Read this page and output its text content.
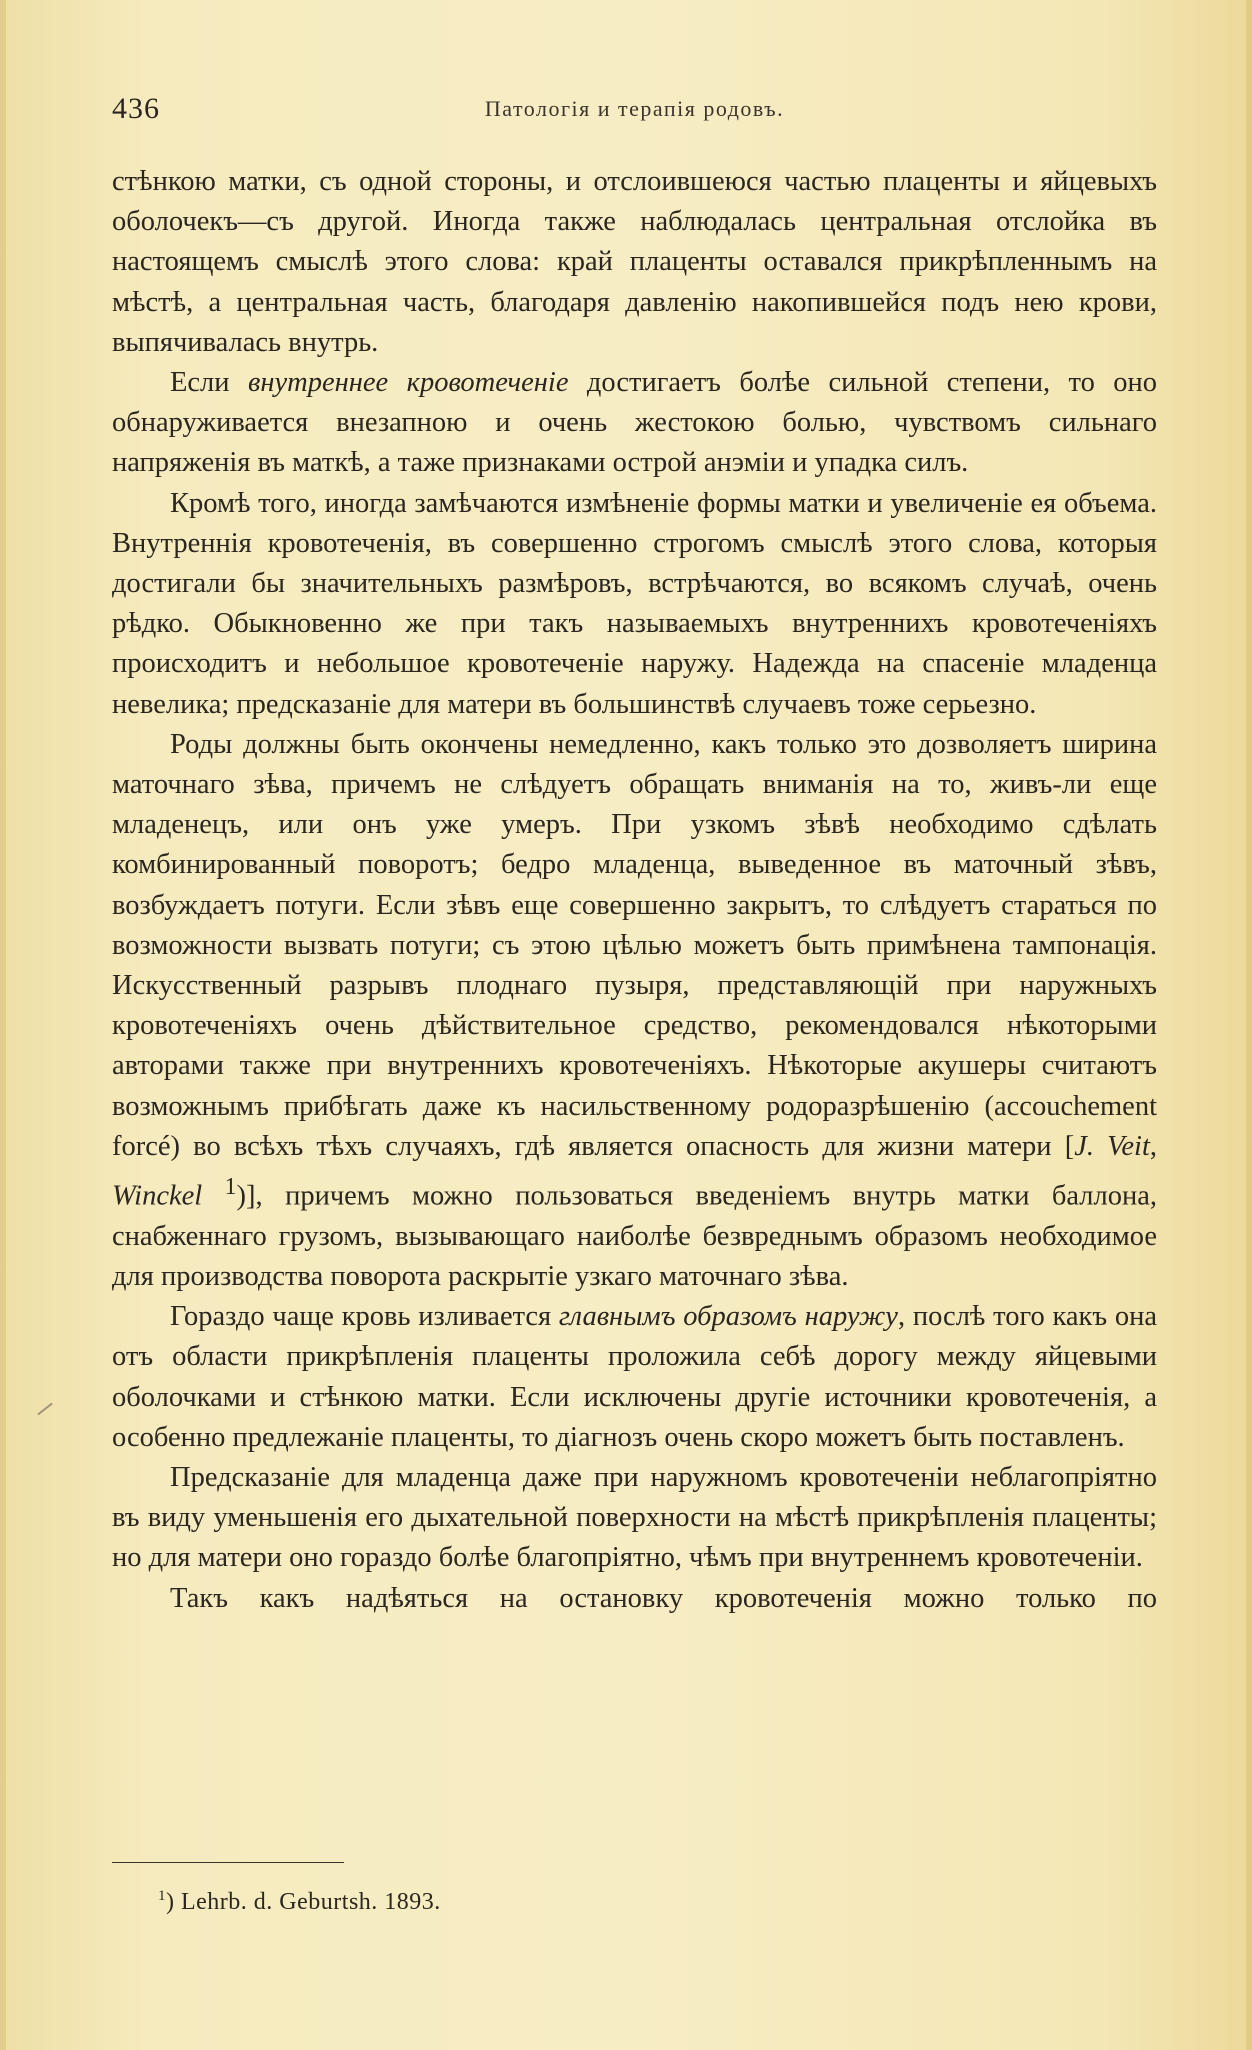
436	Патологія и терапія родовъ.

стѣнкою матки, съ одной стороны, и отслоившеюся частью плаценты и яйцевыхъ оболочекъ—съ другой. Иногда также наблюдалась центральная отслойка въ настоящемъ смыслѣ этого слова: край плаценты оставался прикрѣпленнымъ на мѣстѣ, а центральная часть, благодаря давленію накопившейся подъ нею крови, выпячивалась внутрь.

Если внутреннее кровотеченіе достигаетъ болѣе сильной степени, то оно обнаруживается внезапною и очень жестокою болью, чувствомъ сильнаго напряженія въ маткѣ, а таже признаками острой анэміи и упадка силъ.

Кромѣ того, иногда замѣчаются измѣненіе формы матки и увеличеніе ея объема. Внутреннія кровотеченія, въ совершенно строгомъ смыслѣ этого слова, которыя достигали бы значительныхъ размѣровъ, встрѣчаются, во всякомъ случаѣ, очень рѣдко. Обыкновенно же при такъ называемыхъ внутреннихъ кровотеченіяхъ происходитъ и небольшое кровотеченіе наружу. Надежда на спасеніе младенца невелика; предсказаніе для матери въ большинствѣ случаевъ тоже серьезно.

Роды должны быть окончены немедленно, какъ только это дозволяетъ ширина маточнаго зѣва, причемъ не слѣдуетъ обращать вниманія на то, живъ-ли еще младенецъ, или онъ уже умеръ. При узкомъ зѣвѣ необходимо сдѣлать комбинированный поворотъ; бедро младенца, выведенное въ маточный зѣвъ, возбуждаетъ потуги. Если зѣвъ еще совершенно закрытъ, то слѣдуетъ стараться по возможности вызвать потуги; съ этою цѣлью можетъ быть примѣнена тампонація. Искусственный разрывъ плоднаго пузыря, представляющій при наружныхъ кровотеченіяхъ очень дѣйствительное средство, рекомендовался нѣкоторыми авторами также при внутреннихъ кровотеченіяхъ. Нѣкоторые акушеры считаютъ возможнымъ прибѣгать даже къ насильственному родоразрѣшенію (accouchement forcé) во всѣхъ тѣхъ случаяхъ, гдѣ является опасность для жизни матери [J. Veit, Winckel $^1$)], причемъ можно пользоваться введеніемъ внутрь матки баллона, снабженнаго грузомъ, вызывающаго наиболѣе безвреднымъ образомъ необходимое для производства поворота раскрытіе узкаго маточнаго зѣва.

Гораздо чаще кровь изливается главнымъ образомъ наружу, послѣ того какъ она отъ области прикрѣпленія плаценты проложила себѣ дорогу между яйцевыми оболочками и стѣнкою матки. Если исключены другіе источники кровотеченія, а особенно предлежаніе плаценты, то діагнозъ очень скоро можетъ быть поставленъ.

Предсказаніе для младенца даже при наружномъ кровотеченіи неблагопріятно въ виду уменьшенія его дыхательной поверхности на мѣстѣ прикрѣпленія плаценты; но для матери оно гораздо болѣе благопріятно, чѣмъ при внутреннемъ кровотеченіи.

Такъ какъ надѣяться на остановку кровотеченія можно только по

$^1$) Lehrb. d. Geburtsh. 1893.
